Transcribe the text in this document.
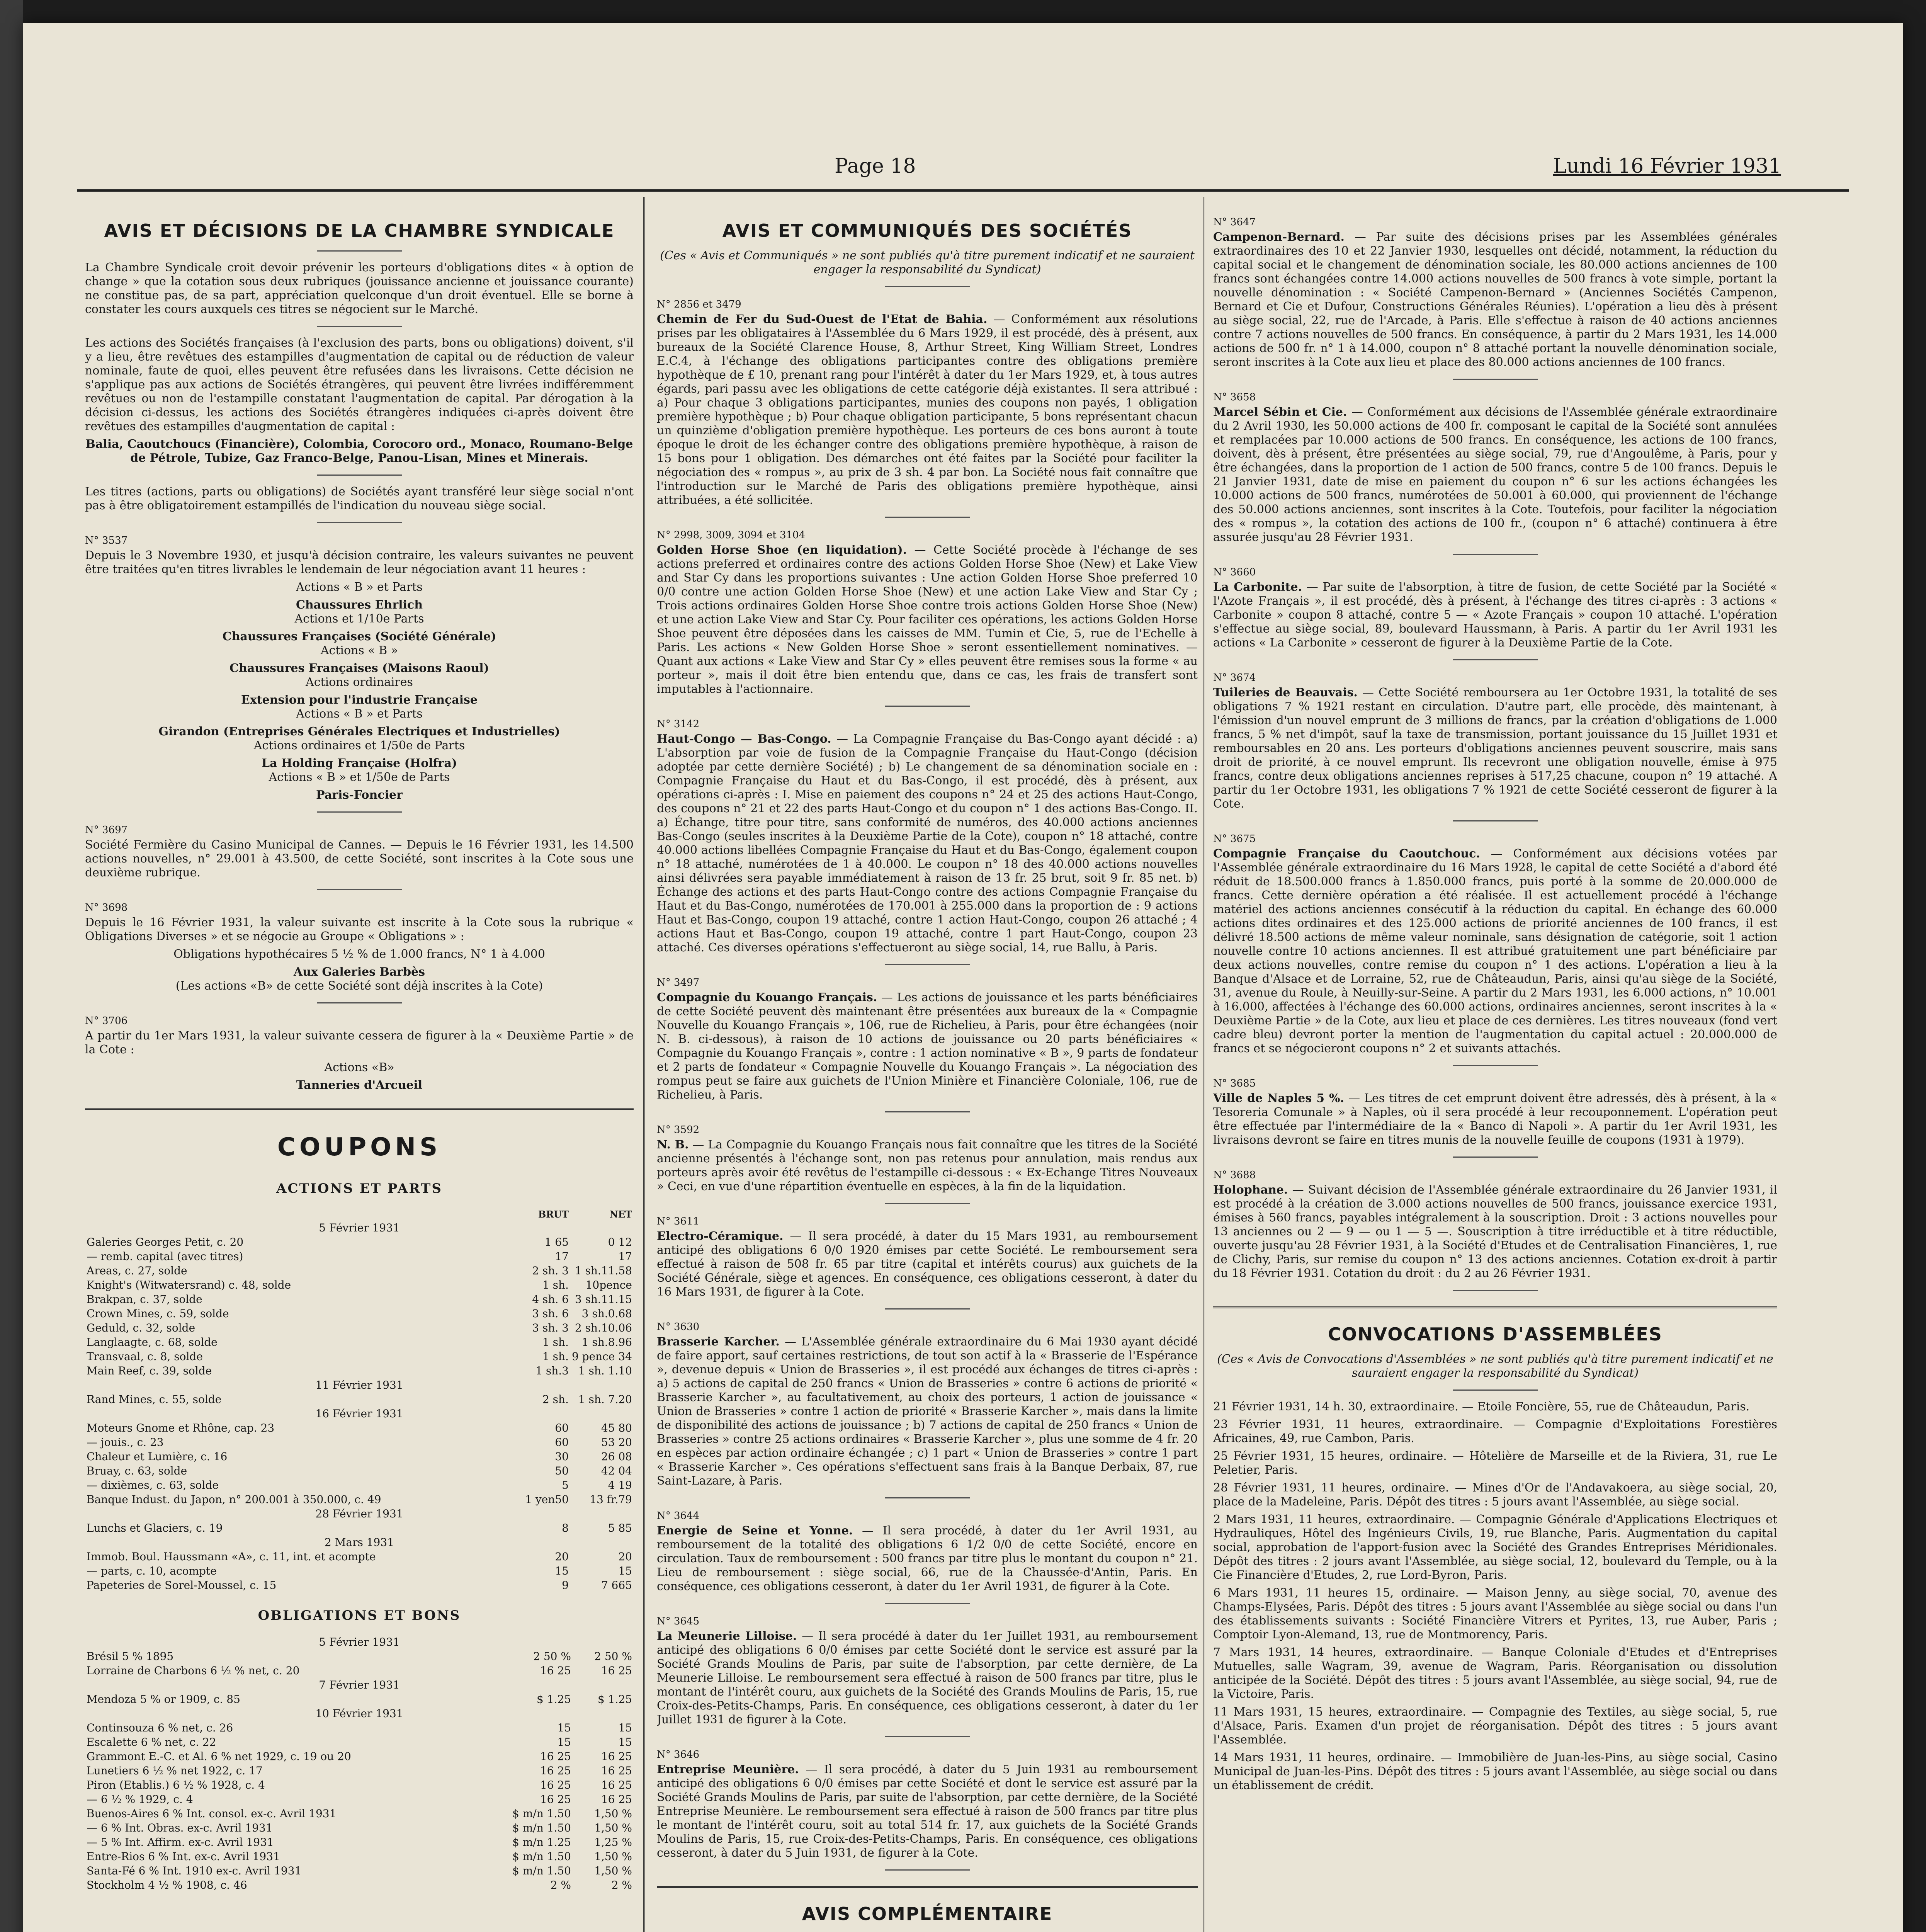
Page 18	Lundi 16 Février 1931
AVIS ET DÉCISIONS DE LA CHAMBRE SYNDICALE

La Chambre Syndicale croit devoir prévenir les porteurs d'obligations dites « à option de change » que la cotation sous deux rubriques (jouissance ancienne et jouissance courante) ne constitue pas, de sa part, appréciation quelconque d'un droit éventuel. Elle se borne à constater les cours auxquels ces titres se négocient sur le Marché.

Les actions des Sociétés françaises (à l'exclusion des parts, bons ou obligations) doivent, s'il y a lieu, être revêtues des estampilles d'augmentation de capital ou de réduction de valeur nominale, faute de quoi, elles peuvent être refusées dans les livraisons. Cette décision ne s'applique pas aux actions de Sociétés étrangères, qui peuvent être livrées indifféremment revêtues ou non de l'estampille constatant l'augmentation de capital. Par dérogation à la décision ci-dessus, les actions des Sociétés étrangères indiquées ci-après doivent être revêtues des estampilles d'augmentation de capital :

Balia, Caoutchoucs (Financière), Colombia, Corocoro ord., Monaco, Roumano-Belge de Pétrole, Tubize, Gaz Franco-Belge, Panou-Lisan, Mines et Minerais.

Les titres (actions, parts ou obligations) de Sociétés ayant transféré leur siège social n'ont pas à être obligatoirement estampillés de l'indication du nouveau siège social.

N° 3537

Depuis le 3 Novembre 1930, et jusqu'à décision contraire, les valeurs suivantes ne peuvent être traitées qu'en titres livrables le lendemain de leur négociation avant 11 heures :

Actions « B » et Parts

Chaussures Ehrlich

Actions et 1/10e Parts

Chaussures Françaises (Société Générale)

Actions « B »

Chaussures Françaises (Maisons Raoul)

Actions ordinaires

Extension pour l'industrie Française

Actions « B » et Parts

Girandon (Entreprises Générales Electriques et Industrielles)

Actions ordinaires et 1/50e de Parts

La Holding Française (Holfra)

Actions « B » et 1/50e de Parts

Paris-Foncier

N° 3697

Société Fermière du Casino Municipal de Cannes. — Depuis le 16 Février 1931, les 14.500 actions nouvelles, n° 29.001 à 43.500, de cette Société, sont inscrites à la Cote sous une deuxième rubrique.

N° 3698

Depuis le 16 Février 1931, la valeur suivante est inscrite à la Cote sous la rubrique « Obligations Diverses » et se négocie au Groupe « Obligations » :

Obligations hypothécaires 5 ½ % de 1.000 francs, N° 1 à 4.000

Aux Galeries Barbès

(Les actions «B» de cette Société sont déjà inscrites à la Cote)

N° 3706

A partir du 1er Mars 1931, la valeur suivante cessera de figurer à la « Deuxième Partie » de la Cote :

Actions «B»

Tanneries d'Arcueil

COUPONS
ACTIONS ET PARTS
	BRUT	NET
5 Février 1931		
Galeries Georges Petit, c. 20	1 65	0 12
— remb. capital (avec titres)	17	17
Areas, c. 27, solde	2 sh. 3	1 sh.11.58
Knight's (Witwatersrand) c. 48, solde	1 sh.	10pence
Brakpan, c. 37, solde	4 sh. 6	3 sh.11.15
Crown Mines, c. 59, solde	3 sh. 6	3 sh.0.68
Geduld, c. 32, solde	3 sh. 3	2 sh.10.06
Langlaagte, c. 68, solde	1 sh.	1 sh.8.96
Transvaal, c. 8, solde	1 sh.	9 pence 34
Main Reef, c. 39, solde	1 sh.3	1 sh. 1.10
11 Février 1931		
Rand Mines, c. 55, solde	2 sh.	1 sh. 7.20
16 Février 1931		
Moteurs Gnome et Rhône, cap. 23	60	45 80
— jouis., c. 23	60	53 20
Chaleur et Lumière, c. 16	30	26 08
Bruay, c. 63, solde	50	42 04
— dixièmes, c. 63, solde	5	4 19
Banque Indust. du Japon, n° 200.001 à 350.000, c. 49	1 yen50	13 fr.79
28 Février 1931		
Lunchs et Glaciers, c. 19	8	5 85
2 Mars 1931		
Immob. Boul. Haussmann «A», c. 11, int. et acompte	20	20
— parts, c. 10, acompte	15	15
Papeteries de Sorel-Moussel, c. 15	9	7 665
OBLIGATIONS ET BONS
5 Février 1931		
Brésil 5 % 1895	2 50 %	2 50 %
Lorraine de Charbons 6 ½ % net, c. 20	16 25	16 25
7 Février 1931		
Mendoza 5 % or 1909, c. 85	$ 1.25	$ 1.25
10 Février 1931		
Continsouza 6 % net, c. 26	15	15
Escalette 6 % net, c. 22	15	15
Grammont E.-C. et Al. 6 % net 1929, c. 19 ou 20	16 25	16 25
Lunetiers 6 ½ % net 1922, c. 17	16 25	16 25
Piron (Etablis.) 6 ½ % 1928, c. 4	16 25	16 25
— 6 ½ % 1929, c. 4	16 25	16 25
Buenos-Aires 6 % Int. consol. ex-c. Avril 1931	$ m/n 1.50	1,50 %
— 6 % Int. Obras. ex-c. Avril 1931	$ m/n 1.50	1,50 %
— 5 % Int. Affirm. ex-c. Avril 1931	$ m/n 1.25	1,25 %
Entre-Rios 6 % Int. ex-c. Avril 1931	$ m/n 1.50	1,50 %
Santa-Fé 6 % Int. 1910 ex-c. Avril 1931	$ m/n 1.50	1,50 %
Stockholm 4 ½ % 1908, c. 46	2 %	2 %
AVIS ET COMMUNIQUÉS DES SOCIÉTÉS

(Ces « Avis et Communiqués » ne sont publiés qu'à titre purement indicatif et ne sauraient engager la responsabilité du Syndicat)

N° 2856 et 3479

Chemin de Fer du Sud-Ouest de l'Etat de Bahia. — Conformément aux résolutions prises par les obligataires à l'Assemblée du 6 Mars 1929, il est procédé, dès à présent, aux bureaux de la Société Clarence House, 8, Arthur Street, King William Street, Londres E.C.4, à l'échange des obligations participantes contre des obligations première hypothèque de £ 10, prenant rang pour l'intérêt à dater du 1er Mars 1929, et, à tous autres égards, pari passu avec les obligations de cette catégorie déjà existantes. Il sera attribué : a) Pour chaque 3 obligations participantes, munies des coupons non payés, 1 obligation première hypothèque ; b) Pour chaque obligation participante, 5 bons représentant chacun un quinzième d'obligation première hypothèque. Les porteurs de ces bons auront à toute époque le droit de les échanger contre des obligations première hypothèque, à raison de 15 bons pour 1 obligation. Des démarches ont été faites par la Société pour faciliter la négociation des « rompus », au prix de 3 sh. 4 par bon. La Société nous fait connaître que l'introduction sur le Marché de Paris des obligations première hypothèque, ainsi attribuées, a été sollicitée.

N° 2998, 3009, 3094 et 3104

Golden Horse Shoe (en liquidation). — Cette Société procède à l'échange de ses actions preferred et ordinaires contre des actions Golden Horse Shoe (New) et Lake View and Star Cy dans les proportions suivantes : Une action Golden Horse Shoe preferred 10 0/0 contre une action Golden Horse Shoe (New) et une action Lake View and Star Cy ; Trois actions ordinaires Golden Horse Shoe contre trois actions Golden Horse Shoe (New) et une action Lake View and Star Cy. Pour faciliter ces opérations, les actions Golden Horse Shoe peuvent être déposées dans les caisses de MM. Tumin et Cie, 5, rue de l'Echelle à Paris. Les actions « New Golden Horse Shoe » seront essentiellement nominatives. — Quant aux actions « Lake View and Star Cy » elles peuvent être remises sous la forme « au porteur », mais il doit être bien entendu que, dans ce cas, les frais de transfert sont imputables à l'actionnaire.

N° 3142

Haut-Congo — Bas-Congo. — La Compagnie Française du Bas-Congo ayant décidé : a) L'absorption par voie de fusion de la Compagnie Française du Haut-Congo (décision adoptée par cette dernière Société) ; b) Le changement de sa dénomination sociale en : Compagnie Française du Haut et du Bas-Congo, il est procédé, dès à présent, aux opérations ci-après : I. Mise en paiement des coupons n° 24 et 25 des actions Haut-Congo, des coupons n° 21 et 22 des parts Haut-Congo et du coupon n° 1 des actions Bas-Congo. II. a) Échange, titre pour titre, sans conformité de numéros, des 40.000 actions anciennes Bas-Congo (seules inscrites à la Deuxième Partie de la Cote), coupon n° 18 attaché, contre 40.000 actions libellées Compagnie Française du Haut et du Bas-Congo, également coupon n° 18 attaché, numérotées de 1 à 40.000. Le coupon n° 18 des 40.000 actions nouvelles ainsi délivrées sera payable immédiatement à raison de 13 fr. 25 brut, soit 9 fr. 85 net. b) Échange des actions et des parts Haut-Congo contre des actions Compagnie Française du Haut et du Bas-Congo, numérotées de 170.001 à 255.000 dans la proportion de : 9 actions Haut et Bas-Congo, coupon 19 attaché, contre 1 action Haut-Congo, coupon 26 attaché ; 4 actions Haut et Bas-Congo, coupon 19 attaché, contre 1 part Haut-Congo, coupon 23 attaché. Ces diverses opérations s'effectueront au siège social, 14, rue Ballu, à Paris.

N° 3497

Compagnie du Kouango Français. — Les actions de jouissance et les parts bénéficiaires de cette Société peuvent dès maintenant être présentées aux bureaux de la « Compagnie Nouvelle du Kouango Français », 106, rue de Richelieu, à Paris, pour être échangées (noir N. B. ci-dessous), à raison de 10 actions de jouissance ou 20 parts bénéficiaires « Compagnie du Kouango Français », contre : 1 action nominative « B », 9 parts de fondateur et 2 parts de fondateur « Compagnie Nouvelle du Kouango Français ». La négociation des rompus peut se faire aux guichets de l'Union Minière et Financière Coloniale, 106, rue de Richelieu, à Paris.

N° 3592

N. B. — La Compagnie du Kouango Français nous fait connaître que les titres de la Société ancienne présentés à l'échange sont, non pas retenus pour annulation, mais rendus aux porteurs après avoir été revêtus de l'estampille ci-dessous : « Ex-Echange Titres Nouveaux » Ceci, en vue d'une répartition éventuelle en espèces, à la fin de la liquidation.

N° 3611

Electro-Céramique. — Il sera procédé, à dater du 15 Mars 1931, au remboursement anticipé des obligations 6 0/0 1920 émises par cette Société. Le remboursement sera effectué à raison de 508 fr. 65 par titre (capital et intérêts courus) aux guichets de la Société Générale, siège et agences. En conséquence, ces obligations cesseront, à dater du 16 Mars 1931, de figurer à la Cote.

N° 3630

Brasserie Karcher. — L'Assemblée générale extraordinaire du 6 Mai 1930 ayant décidé de faire apport, sauf certaines restrictions, de tout son actif à la « Brasserie de l'Espérance », devenue depuis « Union de Brasseries », il est procédé aux échanges de titres ci-après : a) 5 actions de capital de 250 francs « Union de Brasseries » contre 6 actions de priorité « Brasserie Karcher », au facultativement, au choix des porteurs, 1 action de jouissance « Union de Brasseries » contre 1 action de priorité « Brasserie Karcher », mais dans la limite de disponibilité des actions de jouissance ; b) 7 actions de capital de 250 francs « Union de Brasseries » contre 25 actions ordinaires « Brasserie Karcher », plus une somme de 4 fr. 20 en espèces par action ordinaire échangée ; c) 1 part « Union de Brasseries » contre 1 part « Brasserie Karcher ». Ces opérations s'effectuent sans frais à la Banque Derbaix, 87, rue Saint-Lazare, à Paris.

N° 3644

Energie de Seine et Yonne. — Il sera procédé, à dater du 1er Avril 1931, au remboursement de la totalité des obligations 6 1/2 0/0 de cette Société, encore en circulation. Taux de remboursement : 500 francs par titre plus le montant du coupon n° 21. Lieu de remboursement : siège social, 66, rue de la Chaussée-d'Antin, Paris. En conséquence, ces obligations cesseront, à dater du 1er Avril 1931, de figurer à la Cote.

N° 3645

La Meunerie Lilloise. — Il sera procédé à dater du 1er Juillet 1931, au remboursement anticipé des obligations 6 0/0 émises par cette Société dont le service est assuré par la Société Grands Moulins de Paris, par suite de l'absorption, par cette dernière, de La Meunerie Lilloise. Le remboursement sera effectué à raison de 500 francs par titre, plus le montant de l'intérêt couru, aux guichets de la Société des Grands Moulins de Paris, 15, rue Croix-des-Petits-Champs, Paris. En conséquence, ces obligations cesseront, à dater du 1er Juillet 1931 de figurer à la Cote.

N° 3646

Entreprise Meunière. — Il sera procédé, à dater du 5 Juin 1931 au remboursement anticipé des obligations 6 0/0 émises par cette Société et dont le service est assuré par la Société Grands Moulins de Paris, par suite de l'absorption, par cette dernière, de la Société Entreprise Meunière. Le remboursement sera effectué à raison de 500 francs par titre plus le montant de l'intérêt couru, soit au total 514 fr. 17, aux guichets de la Société Grands Moulins de Paris, 15, rue Croix-des-Petits-Champs, Paris. En conséquence, ces obligations cesseront, à dater du 5 Juin 1931, de figurer à la Cote.

AVIS COMPLÉMENTAIRE

N° 3647

Campenon-Bernard. — Par suite des décisions prises par les Assemblées générales extraordinaires des 10 et 22 Janvier 1930, lesquelles ont décidé, notamment, la réduction du capital social et le changement de dénomination sociale, les 80.000 actions anciennes de 100 francs sont échangées contre 14.000 actions nouvelles de 500 francs à vote simple, portant la nouvelle dénomination : « Société Campenon-Bernard » (Anciennes Sociétés Campenon, Bernard et Cie et Dufour, Constructions Générales Réunies). L'opération a lieu dès à présent au siège social, 22, rue de l'Arcade, à Paris. Elle s'effectue à raison de 40 actions anciennes contre 7 actions nouvelles de 500 francs. En conséquence, à partir du 2 Mars 1931, les 14.000 actions de 500 fr. n° 1 à 14.000, coupon n° 8 attaché portant la nouvelle dénomination sociale, seront inscrites à la Cote aux lieu et place des 80.000 actions anciennes de 100 francs.

N° 3658

Marcel Sébin et Cie. — Conformément aux décisions de l'Assemblée générale extraordinaire du 2 Avril 1930, les 50.000 actions de 400 fr. composant le capital de la Société sont annulées et remplacées par 10.000 actions de 500 francs. En conséquence, les actions de 100 francs, doivent, dès à présent, être présentées au siège social, 79, rue d'Angoulême, à Paris, pour y être échangées, dans la proportion de 1 action de 500 francs, contre 5 de 100 francs. Depuis le 21 Janvier 1931, date de mise en paiement du coupon n° 6 sur les actions échangées les 10.000 actions de 500 francs, numérotées de 50.001 à 60.000, qui proviennent de l'échange des 50.000 actions anciennes, sont inscrites à la Cote. Toutefois, pour faciliter la négociation des « rompus », la cotation des actions de 100 fr., (coupon n° 6 attaché) continuera à être assurée jusqu'au 28 Février 1931.

N° 3660

La Carbonite. — Par suite de l'absorption, à titre de fusion, de cette Société par la Société « l'Azote Français », il est procédé, dès à présent, à l'échange des titres ci-après : 3 actions « Carbonite » coupon 8 attaché, contre 5 — « Azote Français » coupon 10 attaché. L'opération s'effectue au siège social, 89, boulevard Haussmann, à Paris. A partir du 1er Avril 1931 les actions « La Carbonite » cesseront de figurer à la Deuxième Partie de la Cote.

N° 3674

Tuileries de Beauvais. — Cette Société remboursera au 1er Octobre 1931, la totalité de ses obligations 7 % 1921 restant en circulation. D'autre part, elle procède, dès maintenant, à l'émission d'un nouvel emprunt de 3 millions de francs, par la création d'obligations de 1.000 francs, 5 % net d'impôt, sauf la taxe de transmission, portant jouissance du 15 Juillet 1931 et remboursables en 20 ans. Les porteurs d'obligations anciennes peuvent souscrire, mais sans droit de priorité, à ce nouvel emprunt. Ils recevront une obligation nouvelle, émise à 975 francs, contre deux obligations anciennes reprises à 517,25 chacune, coupon n° 19 attaché. A partir du 1er Octobre 1931, les obligations 7 % 1921 de cette Société cesseront de figurer à la Cote.

N° 3675

Compagnie Française du Caoutchouc. — Conformément aux décisions votées par l'Assemblée générale extraordinaire du 16 Mars 1928, le capital de cette Société a d'abord été réduit de 18.500.000 francs à 1.850.000 francs, puis porté à la somme de 20.000.000 de francs. Cette dernière opération a été réalisée. Il est actuellement procédé à l'échange matériel des actions anciennes consécutif à la réduction du capital. En échange des 60.000 actions dites ordinaires et des 125.000 actions de priorité anciennes de 100 francs, il est délivré 18.500 actions de même valeur nominale, sans désignation de catégorie, soit 1 action nouvelle contre 10 actions anciennes. Il est attribué gratuitement une part bénéficiaire par deux actions nouvelles, contre remise du coupon n° 1 des actions. L'opération a lieu à la Banque d'Alsace et de Lorraine, 52, rue de Châteaudun, Paris, ainsi qu'au siège de la Société, 31, avenue du Roule, à Neuilly-sur-Seine. A partir du 2 Mars 1931, les 6.000 actions, n° 10.001 à 16.000, affectées à l'échange des 60.000 actions, ordinaires anciennes, seront inscrites à la « Deuxième Partie » de la Cote, aux lieu et place de ces dernières. Les titres nouveaux (fond vert cadre bleu) devront porter la mention de l'augmentation du capital actuel : 20.000.000 de francs et se négocieront coupons n° 2 et suivants attachés.

N° 3685

Ville de Naples 5 %. — Les titres de cet emprunt doivent être adressés, dès à présent, à la « Tesoreria Comunale » à Naples, où il sera procédé à leur recouponnement. L'opération peut être effectuée par l'intermédiaire de la « Banco di Napoli ». A partir du 1er Avril 1931, les livraisons devront se faire en titres munis de la nouvelle feuille de coupons (1931 à 1979).

N° 3688

Holophane. — Suivant décision de l'Assemblée générale extraordinaire du 26 Janvier 1931, il est procédé à la création de 3.000 actions nouvelles de 500 francs, jouissance exercice 1931, émises à 560 francs, payables intégralement à la souscription. Droit : 3 actions nouvelles pour 13 anciennes ou 2 — 9 — ou 1 — 5 —. Souscription à titre irréductible et à titre réductible, ouverte jusqu'au 28 Février 1931, à la Société d'Etudes et de Centralisation Financières, 1, rue de Clichy, Paris, sur remise du coupon n° 13 des actions anciennes. Cotation ex-droit à partir du 18 Février 1931. Cotation du droit : du 2 au 26 Février 1931.

CONVOCATIONS D'ASSEMBLÉES

(Ces « Avis de Convocations d'Assemblées » ne sont publiés qu'à titre purement indicatif et ne sauraient engager la responsabilité du Syndicat)

21 Février 1931, 14 h. 30, extraordinaire. — Etoile Foncière, 55, rue de Châteaudun, Paris.

23 Février 1931, 11 heures, extraordinaire. — Compagnie d'Exploitations Forestières Africaines, 49, rue Cambon, Paris.

25 Février 1931, 15 heures, ordinaire. — Hôtelière de Marseille et de la Riviera, 31, rue Le Peletier, Paris.

28 Février 1931, 11 heures, ordinaire. — Mines d'Or de l'Andavakoera, au siège social, 20, place de la Madeleine, Paris. Dépôt des titres : 5 jours avant l'Assemblée, au siège social.

2 Mars 1931, 11 heures, extraordinaire. — Compagnie Générale d'Applications Electriques et Hydrauliques, Hôtel des Ingénieurs Civils, 19, rue Blanche, Paris. Augmentation du capital social, approbation de l'apport-fusion avec la Société des Grandes Entreprises Méridionales. Dépôt des titres : 2 jours avant l'Assemblée, au siège social, 12, boulevard du Temple, ou à la Cie Financière d'Etudes, 2, rue Lord-Byron, Paris.

6 Mars 1931, 11 heures 15, ordinaire. — Maison Jenny, au siège social, 70, avenue des Champs-Elysées, Paris. Dépôt des titres : 5 jours avant l'Assemblée au siège social ou dans l'un des établissements suivants : Société Financière Vitrers et Pyrites, 13, rue Auber, Paris ; Comptoir Lyon-Alemand, 13, rue de Montmorency, Paris.

7 Mars 1931, 14 heures, extraordinaire. — Banque Coloniale d'Etudes et d'Entreprises Mutuelles, salle Wagram, 39, avenue de Wagram, Paris. Réorganisation ou dissolution anticipée de la Société. Dépôt des titres : 5 jours avant l'Assemblée, au siège social, 94, rue de la Victoire, Paris.

11 Mars 1931, 15 heures, extraordinaire. — Compagnie des Textiles, au siège social, 5, rue d'Alsace, Paris. Examen d'un projet de réorganisation. Dépôt des titres : 5 jours avant l'Assemblée.

14 Mars 1931, 11 heures, ordinaire. — Immobilière de Juan-les-Pins, au siège social, Casino Municipal de Juan-les-Pins. Dépôt des titres : 5 jours avant l'Assemblée, au siège social ou dans un établissement de crédit.
